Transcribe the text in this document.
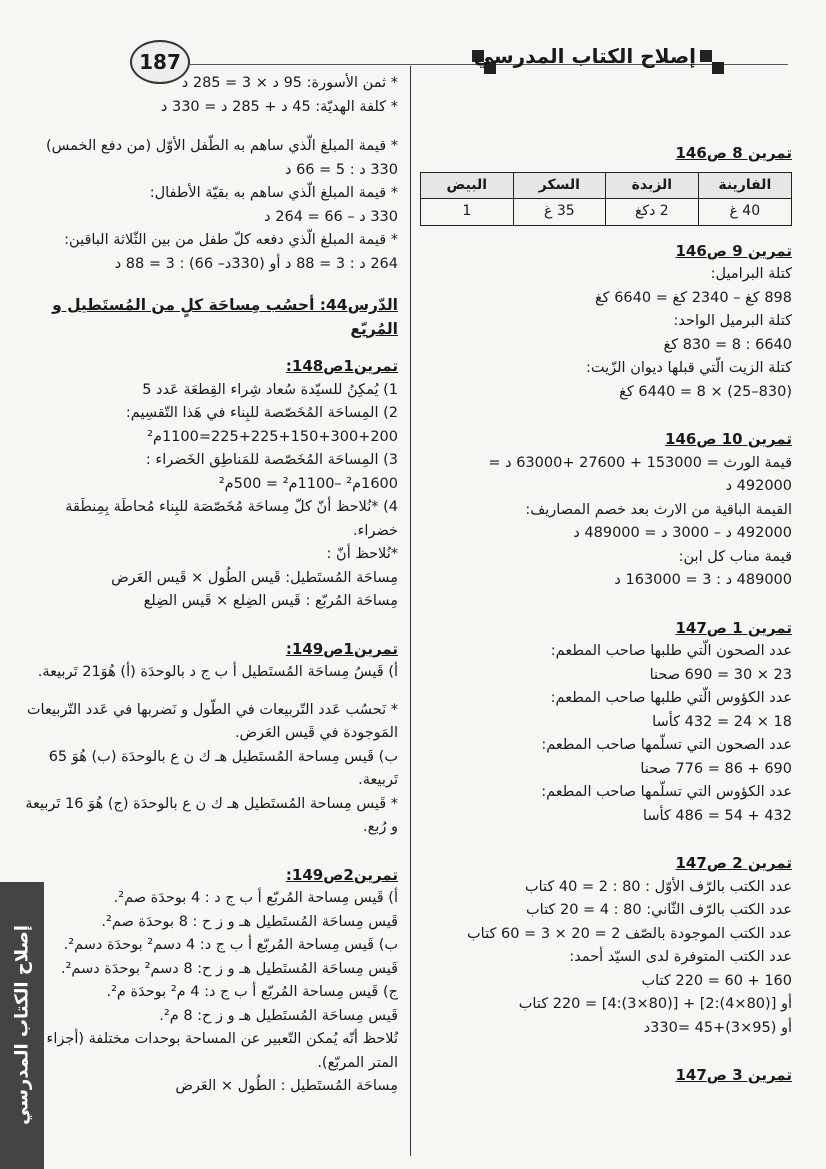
187	إصلاح الكتاب المدرسي

تمرين 8 ص146

الفارينة	الزبدة	السكر	البيض
40 غ	2 دكغ	35 غ	1

تمرين 9 ص146

كتلة البراميل:

898 كغ – 2340 كغ = 6640 كغ

كتلة البرميل الواحد:

6640 : 8 = 830 كغ

كتلة الزيت الّتي قبلها ديوان الزّيت:

(830–25) × 8 = 6440 كغ

تمرين 10 ص146

قيمة الورث = 153000 + 27600 +63000 د =

492000 د

القيمة الباقية من الارث بعد خصم المصاريف:

492000 د – 3000 د = 489000 د

قيمة مناب كل ابن:

489000 د : 3 = 163000 د

تمرين 1 ص147

عدد الصحون الّتي طلبها صاحب المطعم:

23 × 30 = 690 صحنا

عدد الكؤوس الّتي طلبها صاحب المطعم:

18 × 24 = 432 كأسا

عدد الصحون التي تسلّمها صاحب المطعم:

690 + 86 = 776 صحنا

عدد الكؤوس التي تسلّمها صاحب المطعم:

432 + 54 = 486 كأسا

تمرين 2 ص147

عدد الكتب بالرّف الأوّل : 80 : 2 = 40 كتاب

عدد الكتب بالرّف الثّاني: 80 : 4 = 20 كتاب

عدد الكتب الموجودة بالصّف 2 = 20 × 3 = 60 كتاب

عدد الكتب المتوفرة لدى السيّد أحمد:

160 + 60 = 220 كتاب

أو [(80×4):2] + [(80×3):4] = 220 كتاب

أو (95×3)+45 =330د

تمرين 3 ص147

* ثمن الأسورة: 95 د × 3 = 285 د

* كلفة الهديّة: 45 د + 285 د = 330 د

* قيمة المبلغ الّذي ساهم به الطّفل الأوّل (من دفع الخمس)

330 د : 5 = 66 د

* قيمة المبلغ الّذي ساهم به بقيّة الأطفال:

330 د – 66 = 264 د

* قيمة المبلغ الّذي دفعه كلّ طفل من بين الثّلاثة الباقين:

264 د : 3 = 88 د أو (330د– 66) : 3 = 88 د

الدّرس44: أحسُب مِساحَة كلٍ من المُستَطيل و المُربّع

تمرين1ص148:

1) يُمكِنُ للسيّدة سُعاد شِراء القِطعَة عَدد 5

2) المِساحَة المُخَصّصة للبِناء في هَذا التّقسِيم:

225+225+150+300+200=1100م²

3) المِساحَة المُخَصّصة للمَناطِق الخَضراء :

1600م² –1100م² = 500م²

4) *نُلاحظ أنّ كلّ مِساحَة مُخَصّصَة للبِناء مُحاطَة بِمِنطَقة خضراء.

*نُلاحظ أنّ :

مِساحَة المُستَطيل: قَيس الطُول × قَيس العَرض

مِساحَة المُربّع : قَيس الضِلع × قَيس الضِلع

تمرين1ص149:

أ) قَيسُ مِساحَة المُستَطيل أ ب ج د بالوحدَة (أ) هُوَ21 تَربيعة.

* نَحسُب عَدد التّربيعات في الطّول و نَضربها في عَدد التّربيعات المَوجودة في قَيس العَرض.

ب) قَيس مِساحة المُستَطيل هـ ك ن ع بالوحدَة (ب) هُوَ 65 تَربيعة.

* قَيس مِساحة المُستَطيل هـ ك ن ع بالوحدَة (ج) هُوَ 16 تَربيعة و رُبع.

تمرين2ص149:

أ) قَيس مِساحة المُربّع أ ب ج د : 4 بوحدَة صم².

قَيس مِساحَة المُستَطيل هـ و ز ح : 8 بوحدَة صم².

ب) قَيس مِساحة المُربّع أ ب ج د: 4 دسم² بوحدَة دسم².

قَيس مِساحَة المُستَطيل هـ و ز ح: 8 دسم² بوحدَة دسم².

ج) قَيس مِساحة المُربّع أ ب ج د: 4 م² بوحدَة م².

قَيس مِساحَة المُستَطيل هـ و ز ح: 8 م².

نُلاحظ أنّه يُمكن التّعبير عن المساحة بوحدات مختلفة (أجزاء المتر المربّع).

مِساحَة المُستَطيل : الطُول × العَرض

إصلاح الكتاب المدرسي
